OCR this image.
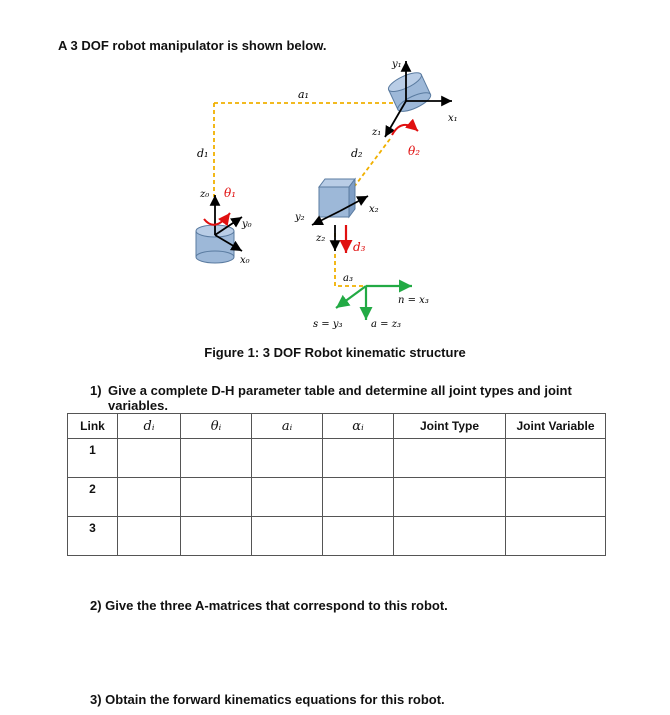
A 3 DOF robot manipulator is shown below.
a₁
d₁
z₀ θ₁
y₀
x₀
y₁
x₁
z₁
θ₂
d₂
y₂
x₂
z₂
d₃
a₃
n = x₃
s = y₃	a = z₃
Figure 1: 3 DOF Robot kinematic structure
1) Give a complete D-H parameter table and determine all joint types and joint variables.
Link	dᵢ	θᵢ	aᵢ	αᵢ	Joint Type	Joint Variable
1						
2						
3						
2) Give the three A-matrices that correspond to this robot.
3) Obtain the forward kinematics equations for this robot.
